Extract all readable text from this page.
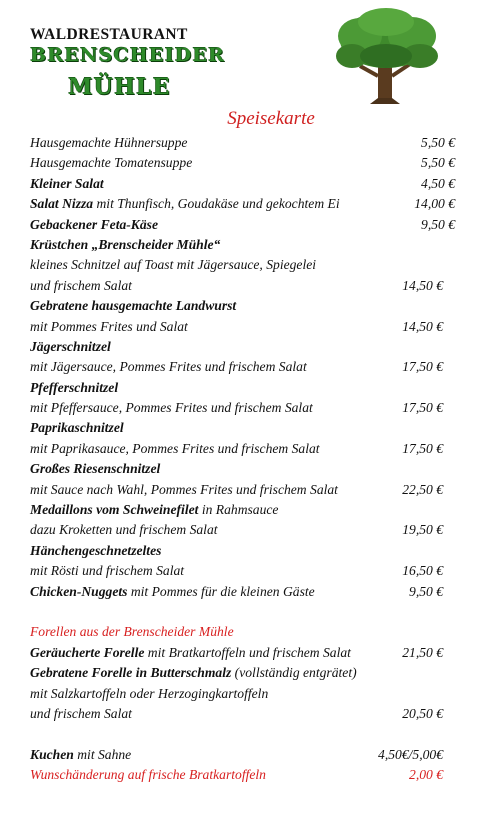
WALDRESTAURANT
BRENSCHEIDER
MÜHLE
Speisekarte
Hausgemachte Hühnersuppe	5,50 €
Hausgemachte Tomatensuppe	5,50 €
Kleiner Salat	4,50 €
Salat Nizza mit Thunfisch, Goudakäse und gekochtem Ei	14,00 €
Gebackener Feta-Käse	9,50 €
Krüstchen „Brenscheider Mühle“
kleines Schnitzel auf Toast mit Jägersauce, Spiegelei
und frischem Salat	14,50 €
Gebratene hausgemachte Landwurst
mit Pommes Frites und Salat	14,50 €
Jägerschnitzel
mit Jägersauce, Pommes Frites und frischem Salat	17,50 €
Pfefferschnitzel
mit Pfeffersauce, Pommes Frites und frischem Salat	17,50 €
Paprikaschnitzel
mit Paprikasauce, Pommes Frites und frischem Salat	17,50 €
Großes Riesenschnitzel
mit Sauce nach Wahl, Pommes Frites und frischem Salat	22,50 €
Medaillons vom Schweinefilet in Rahmsauce
dazu Kroketten und frischem Salat	19,50 €
Hänchengeschnetzeltes
mit Rösti und frischem Salat	16,50 €
Chicken-Nuggets mit Pommes für die kleinen Gäste	9,50 €
Forellen aus der Brenscheider Mühle
Geräucherte Forelle mit Bratkartoffeln und frischem Salat	21,50 €
Gebratene Forelle in Butterschmalz (vollständig entgrätet)
mit Salzkartoffeln oder Herzogingkartoffeln
und frischem Salat	20,50 €
Kuchen mit Sahne	4,50€/5,00€
Wunschänderung auf frische Bratkartoffeln	2,00 €
